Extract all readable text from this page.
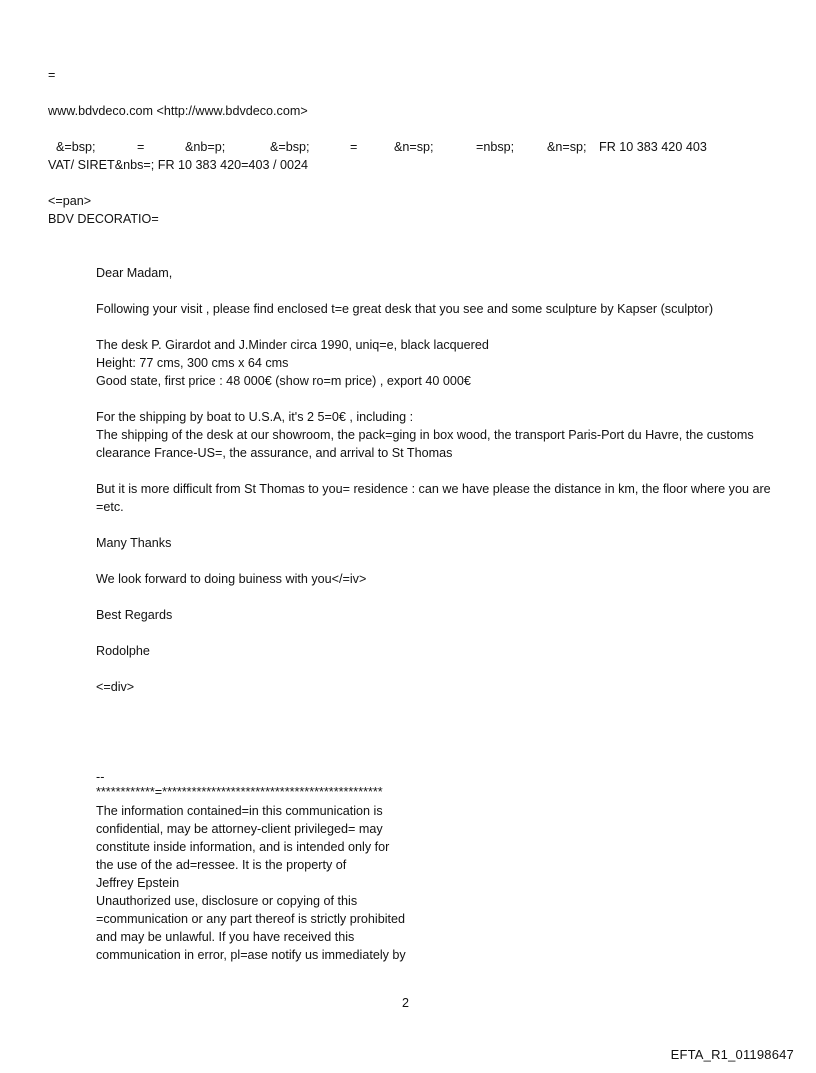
=
www.bdvdeco.com <http://www.bdvdeco.com>
&=bsp;	=	&nb=p;	&=bsp;	=	&n=sp;	=nbsp;	&n=sp; FR 10 383 420 403
VAT/ SIRET&nbs=; FR 10 383 420=403 / 0024
<=pan>
BDV DECORATIO=
Dear Madam,
Following your visit , please find enclosed t=e great desk that you see and some sculpture by Kapser (sculptor)
The desk P. Girardot and J.Minder circa 1990, uniq=e, black lacquered
Height: 77 cms, 300 cms x 64 cms
Good state, first price : 48 000€ (show ro=m price) , export 40 000€
For the shipping by boat to U.S.A, it's 2 5=0€ , including :
The shipping of the desk at our showroom, the pack=ging in box wood, the transport Paris-Port du Havre, the customs clearance France-US=, the assurance, and arrival to St Thomas
But it is more difficult from St Thomas to you= residence : can we have please the distance in km, the floor where you are =etc.
Many Thanks
We look forward to doing buiness with you</=iv>
Best Regards
Rodolphe
<=div>
--
************=*********************************************
The information contained=in this communication is
confidential, may be attorney-client privileged= may
constitute inside information, and is intended only for
the use of the ad=ressee. It is the property of
Jeffrey Epstein
Unauthorized use, disclosure or copying of this
=communication or any part thereof is strictly prohibited
and may be unlawful. If you have received this
communication in error, pl=ase notify us immediately by
2
EFTA_R1_01198647
